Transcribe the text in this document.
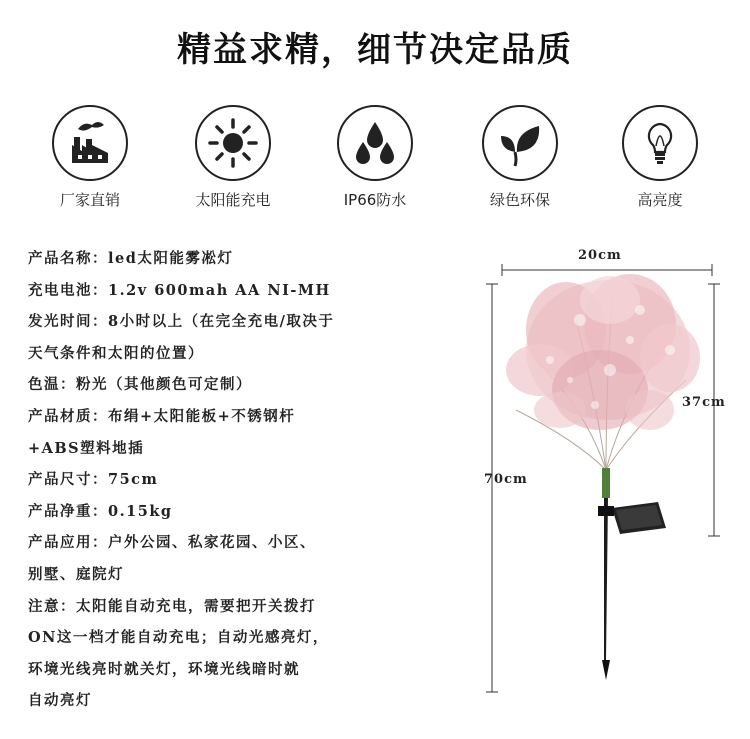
精益求精，细节决定品质
厂家直销	太阳能充电	IP66防水	绿色环保	高亮度
产品名称：led太阳能雾凇灯
充电电池：1.2v 600mah AA NI-MH
发光时间：8小时以上（在完全充电/取决于
天气条件和太阳的位置）
色温：粉光（其他颜色可定制）
产品材质：布绢+太阳能板+不锈钢杆
+ABS塑料地插
产品尺寸：75cm
产品净重：0.15kg
产品应用：户外公园、私家花园、小区、
别墅、庭院灯
注意：太阳能自动充电，需要把开关拨打
ON这一档才能自动充电；自动光感亮灯，
环境光线亮时就关灯，环境光线暗时就
自动亮灯
20cm
37cm
70cm
